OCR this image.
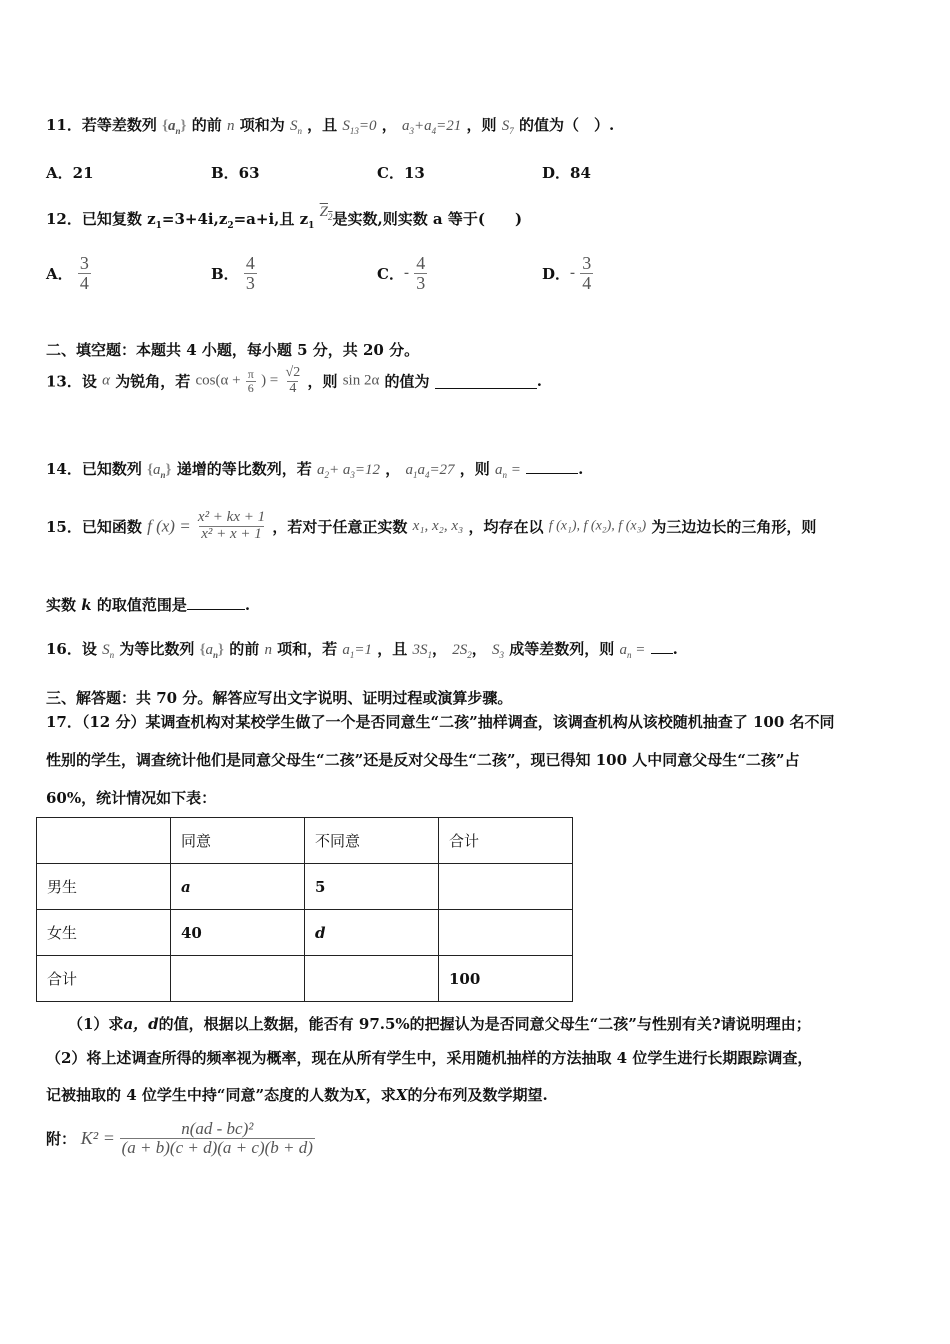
11．若等差数列 $\{a_n\}$ 的前 n 项和为 $S_n$ ，且 $S_{13}=0$ ， $a_3+a_4=21$ ，则 $S_7$ 的值为（　）.
A．21	B．63	C．13	D．84
12．已知复数 $z_1=3+4i,z_2=a+i$,且 $z_1$ $Z_2$是实数,则实数 a 等于(　　)
A． $\frac{3}{4}$	B． $\frac{4}{3}$	C．- $\frac{4}{3}$	D．- $\frac{3}{4}$
二、填空题：本题共 4 小题，每小题 5 分，共 20 分。
13．设 α 为锐角，若 $\cos(\alpha + \frac{\pi}{6}$ ) = $\frac{√2}{4}$ ，则 sin 2α 的值为	.
14．已知数列 $\{a_n\}$ 递增的等比数列，若 $a_2+ a_3=12$ ， $a_1a_4=27$ ，则 $a_n$ =	.
15．已知函数 f $(x) = \frac{\text{x² + kx + 1}}{\text{x² + x + 1}}$ ，若对于任意正实数 x₁, x₂, x₃ ，均存在以 f (x₁), f (x₂), f (x₃) 为三边边长的三角形，则
实数 k 的取值范围是	.
16．设 $S_n$ 为等比数列 $\{a_n\}$ 的前 n 项和，若 $a_1=1$ ，且 $3S_1$， $2S_2$， $S_3$ 成等差数列，则 $a_n$ = .
三、解答题：共 70 分。解答应写出文字说明、证明过程或演算步骤。
17．（12 分）某调查机构对某校学生做了一个是否同意生“二孩”抽样调查，该调查机构从该校随机抽查了 100 名不同
性别的学生，调查统计他们是同意父母生“二孩”还是反对父母生“二孩”，现已得知 100 人中同意父母生“二孩”占
60%，统计情况如下表：
	同意	不同意	合计
男生	a	5	
女生	40	d	
合计			100
（1）求a，d的值，根据以上数据，能否有 97.5%的把握认为是否同意父母生“二孩”与性别有关?请说明理由；
（2）将上述调查所得的频率视为概率，现在从所有学生中，采用随机抽样的方法抽取 4 位学生进行长期跟踪调查，
记被抽取的 4 位学生中持“同意”态度的人数为X，求X的分布列及数学期望.
附： $K^2 = \frac{\text{n(ad - bc)²}}{(a + b)(c + d)(a + c)(b + d)}$
